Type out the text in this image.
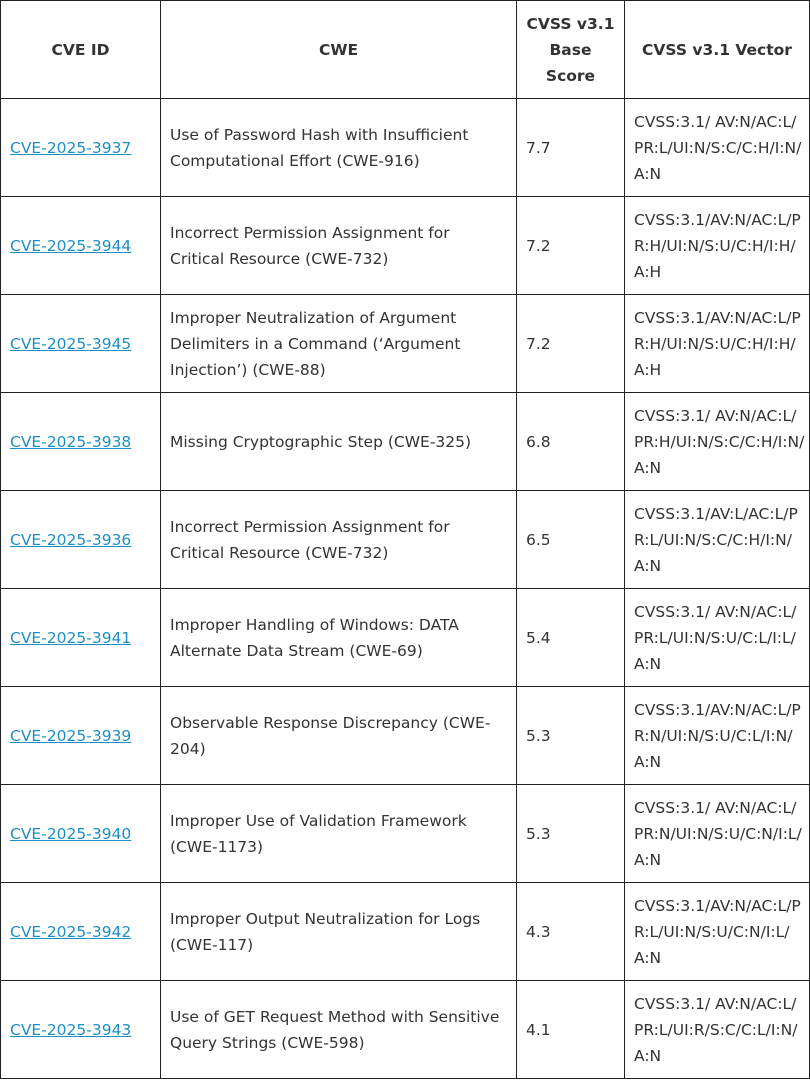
CVE ID	CWE	CVSS v3.1 Base Score	CVSS v3.1 Vector
CVE-2025-3937	Use of Password Hash with Insufficient Computational Effort (CWE-916)	7.7	CVSS:3.1/ AV:N/AC:L/PR:L/UI:N/S:C/C:H/I:N/A:N
CVE-2025-3944	Incorrect Permission Assignment for Critical Resource (CWE-732)	7.2	CVSS:3.1/AV:N/AC:L/PR:H/UI:N/S:U/C:H/I:H/A:H
CVE-2025-3945	Improper Neutralization of Argument Delimiters in a Command (‘Argument Injection’) (CWE-88)	7.2	CVSS:3.1/AV:N/AC:L/PR:H/UI:N/S:U/C:H/I:H/A:H
CVE-2025-3938	Missing Cryptographic Step (CWE-325)	6.8	CVSS:3.1/ AV:N/AC:L/PR:H/UI:N/S:C/C:H/I:N/A:N
CVE-2025-3936	Incorrect Permission Assignment for Critical Resource (CWE-732)	6.5	CVSS:3.1/AV:L/AC:L/PR:L/UI:N/S:C/C:H/I:N/A:N
CVE-2025-3941	Improper Handling of Windows: DATA Alternate Data Stream (CWE-69)	5.4	CVSS:3.1/ AV:N/AC:L/PR:L/UI:N/S:U/C:L/I:L/A:N
CVE-2025-3939	Observable Response Discrepancy (CWE-204)	5.3	CVSS:3.1/AV:N/AC:L/PR:N/UI:N/S:U/C:L/I:N/A:N
CVE-2025-3940	Improper Use of Validation Framework (CWE-1173)	5.3	CVSS:3.1/ AV:N/AC:L/PR:N/UI:N/S:U/C:N/I:L/A:N
CVE-2025-3942	Improper Output Neutralization for Logs (CWE-117)	4.3	CVSS:3.1/AV:N/AC:L/PR:L/UI:N/S:U/C:N/I:L/A:N
CVE-2025-3943	Use of GET Request Method with Sensitive Query Strings (CWE-598)	4.1	CVSS:3.1/ AV:N/AC:L/PR:L/UI:R/S:C/C:L/I:N/A:N
